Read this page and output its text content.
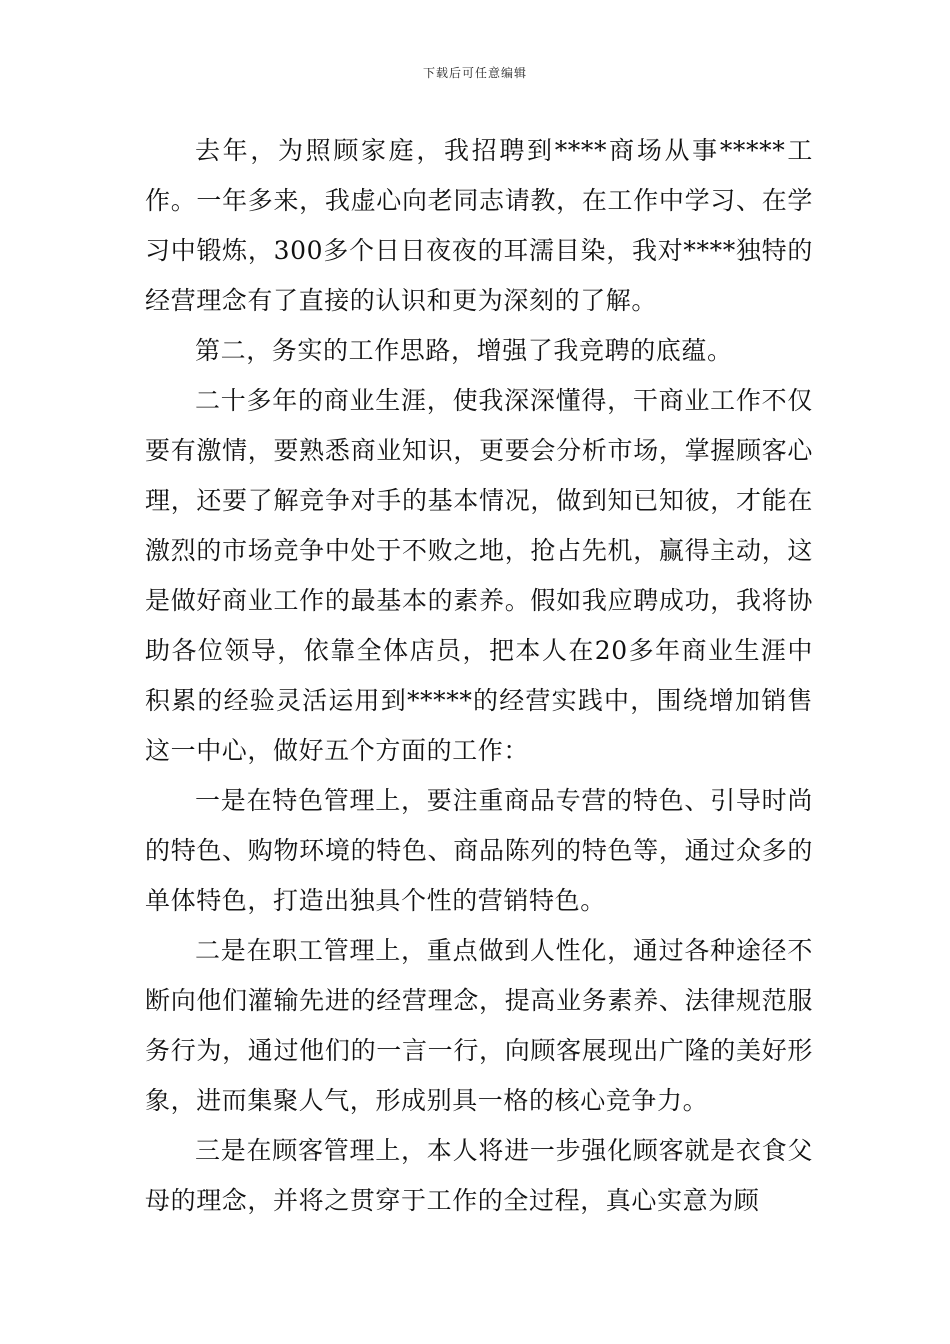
下载后可任意编辑

去年，为照顾家庭，我招聘到****商场从事*****工作。一年多来，我虚心向老同志请教，在工作中学习、在学习中锻炼，300多个日日夜夜的耳濡目染，我对****独特的经营理念有了直接的认识和更为深刻的了解。

第二，务实的工作思路，增强了我竞聘的底蕴。

二十多年的商业生涯，使我深深懂得，干商业工作不仅要有激情，要熟悉商业知识，更要会分析市场，掌握顾客心理，还要了解竞争对手的基本情况，做到知已知彼，才能在激烈的市场竞争中处于不败之地，抢占先机，赢得主动，这是做好商业工作的最基本的素养。假如我应聘成功，我将协助各位领导，依靠全体店员，把本人在20多年商业生涯中积累的经验灵活运用到*****的经营实践中，围绕增加销售这一中心，做好五个方面的工作：

一是在特色管理上，要注重商品专营的特色、引导时尚的特色、购物环境的特色、商品陈列的特色等，通过众多的单体特色，打造出独具个性的营销特色。

二是在职工管理上，重点做到人性化，通过各种途径不断向他们灌输先进的经营理念，提高业务素养、法律规范服务行为，通过他们的一言一行，向顾客展现出广隆的美好形象，进而集聚人气，形成别具一格的核心竞争力。

三是在顾客管理上，本人将进一步强化顾客就是衣食父母的理念，并将之贯穿于工作的全过程，真心实意为顾
